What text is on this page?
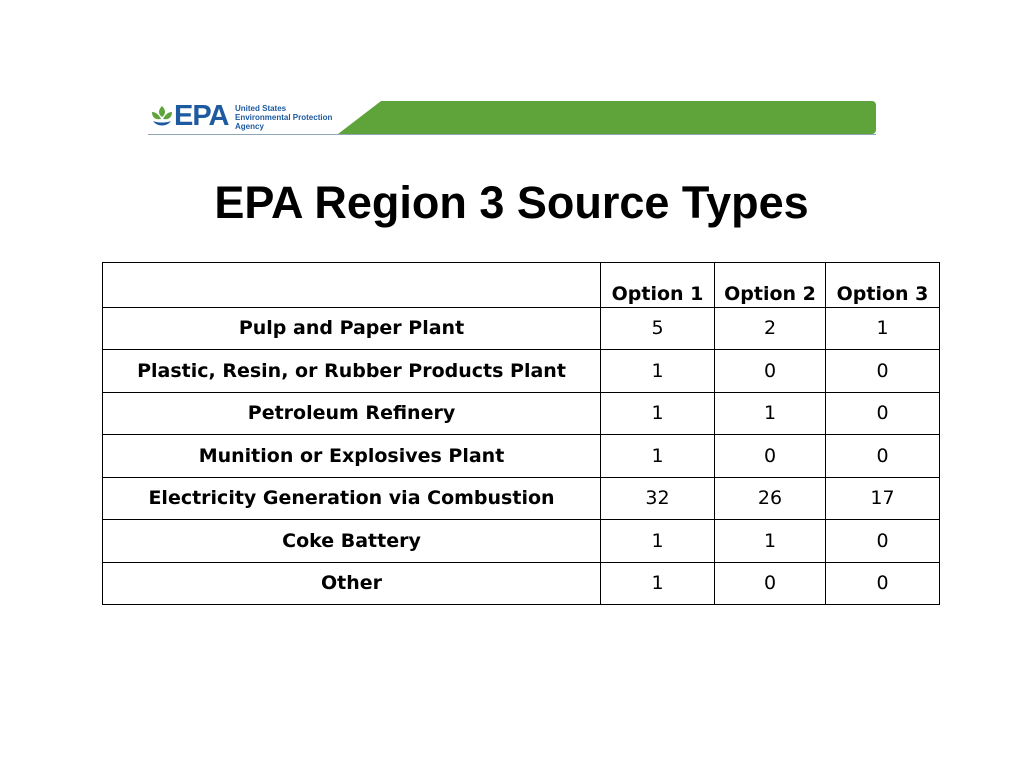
EPA United States
Environmental Protection
Agency
EPA Region 3 Source Types
	Option 1	Option 2	Option 3
Pulp and Paper Plant	5	2	1
Plastic, Resin, or Rubber Products Plant	1	0	0
Petroleum Refinery	1	1	0
Munition or Explosives Plant	1	0	0
Electricity Generation via Combustion	32	26	17
Coke Battery	1	1	0
Other	1	0	0
